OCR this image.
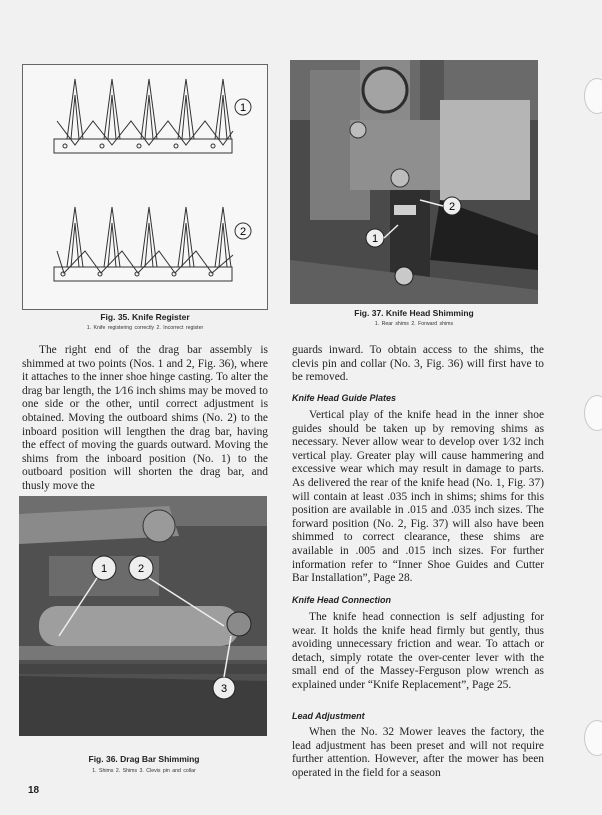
1
2
Fig. 35. Knife Register
1. Knife registering correctly 2. Incorrect register
1
2
Fig. 37. Knife Head Shimming
1. Rear shims 2. Forward shims

The right end of the drag bar assembly is shimmed at two points (Nos. 1 and 2, Fig. 36), where it attaches to the inner shoe hinge casting. To alter the drag bar length, the 1⁄16 inch shims may be moved to one side or the other, until correct adjustment is obtained. Moving the outboard shims (No. 2) to the inboard position will lengthen the drag bar, having the effect of moving the guards outward. Moving the shims from the inboard position (No. 1) to the outboard position will shorten the drag bar, and thusly move the

1	2
3
Fig. 36. Drag Bar Shimming
1. Shims 2. Shims 3. Clevis pin and collar

guards inward. To obtain access to the shims, the clevis pin and collar (No. 3, Fig. 36) will first have to be removed.

Knife Head Guide Plates

Vertical play of the knife head in the inner shoe guides should be taken up by removing shims as necessary. Never allow wear to develop over 1⁄32 inch vertical play. Greater play will cause hammering and excessive wear which may result in damage to parts. As delivered the rear of the knife head (No. 1, Fig. 37) will contain at least .035 inch in shims; shims for this position are available in .015 and .035 inch sizes. The forward position (No. 2, Fig. 37) will also have been shimmed to correct clearance, these shims are available in .005 and .015 inch sizes. For further information refer to “Inner Shoe Guides and Cutter Bar Installation”, Page 28.

Knife Head Connection

The knife head connection is self adjusting for wear. It holds the knife head firmly but gently, thus avoiding unnecessary friction and wear. To attach or detach, simply rotate the over-center lever with the small end of the Massey-Ferguson plow wrench as explained under “Knife Replacement”, Page 25.

Lead Adjustment

When the No. 32 Mower leaves the factory, the lead adjustment has been preset and will not require further attention. However, after the mower has been operated in the field for a season

18
